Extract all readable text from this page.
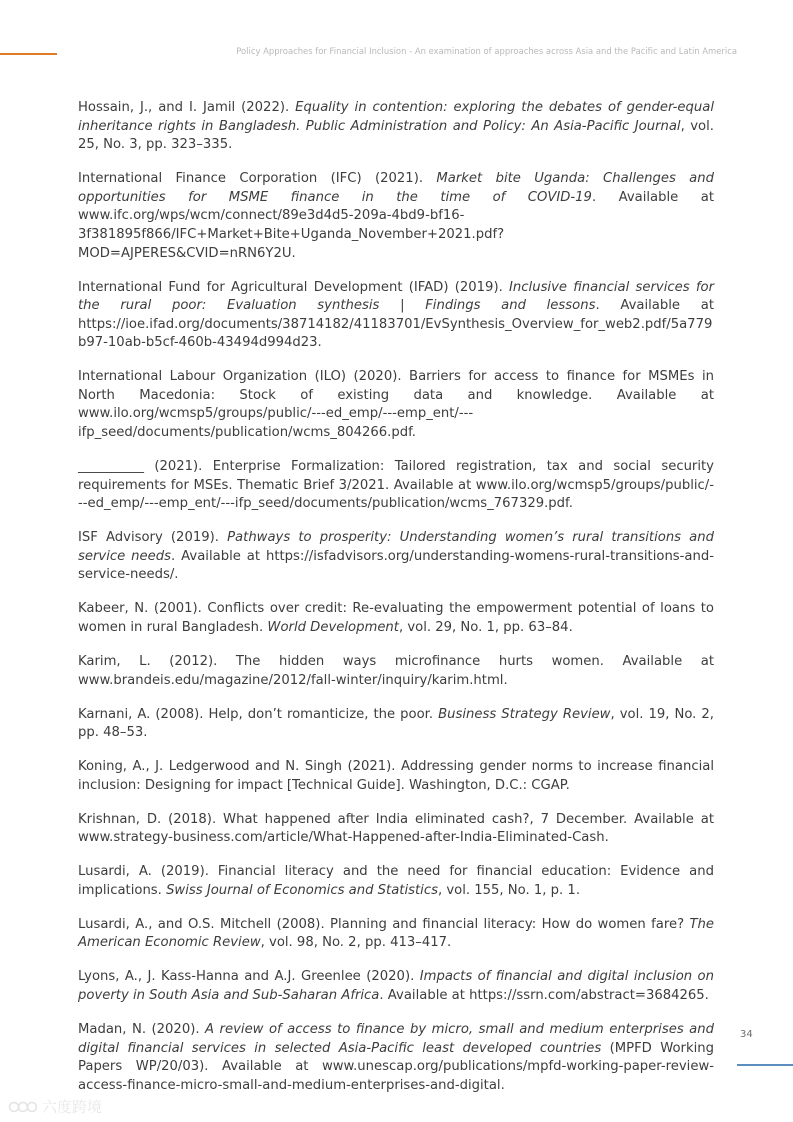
Policy Approaches for Financial Inclusion - An examination of approaches across Asia and the Pacific and Latin America
Hossain, J., and I. Jamil (2022). Equality in contention: exploring the debates of gender-equal inheritance rights in Bangladesh. Public Administration and Policy: An Asia-Pacific Journal, vol. 25, No. 3, pp. 323–335.
International Finance Corporation (IFC) (2021). Market bite Uganda: Challenges and opportunities for MSME finance in the time of COVID-19. Available at www.ifc.org/wps/wcm/connect/89e3d4d5-209a-4bd9-bf16-3f381895f866/IFC+Market+Bite+Uganda_November+2021.pdf?MOD=AJPERES&CVID=nRN6Y2U.
International Fund for Agricultural Development (IFAD) (2019). Inclusive financial services for the rural poor: Evaluation synthesis | Findings and lessons. Available at https://ioe.ifad.org/documents/38714182/41183701/EvSynthesis_Overview_for_web2.pdf/5a779b97-10ab-b5cf-460b-43494d994d23.
International Labour Organization (ILO) (2020). Barriers for access to finance for MSMEs in North Macedonia: Stock of existing data and knowledge. Available at www.ilo.org/wcmsp5/groups/public/---ed_emp/---emp_ent/---ifp_seed/documents/publication/wcms_804266.pdf.
__________ (2021). Enterprise Formalization: Tailored registration, tax and social security requirements for MSEs. Thematic Brief 3/2021. Available at www.ilo.org/wcmsp5/groups/public/---ed_emp/---emp_ent/---ifp_seed/documents/publication/wcms_767329.pdf.
ISF Advisory (2019). Pathways to prosperity: Understanding women’s rural transitions and service needs. Available at https://isfadvisors.org/understanding-womens-rural-transitions-and-service-needs/.
Kabeer, N. (2001). Conflicts over credit: Re-evaluating the empowerment potential of loans to women in rural Bangladesh. World Development, vol. 29, No. 1, pp. 63–84.
Karim, L. (2012). The hidden ways microfinance hurts women. Available at www.brandeis.edu/magazine/2012/fall-winter/inquiry/karim.html.
Karnani, A. (2008). Help, don’t romanticize, the poor. Business Strategy Review, vol. 19, No. 2, pp. 48–53.
Koning, A., J. Ledgerwood and N. Singh (2021). Addressing gender norms to increase financial inclusion: Designing for impact [Technical Guide]. Washington, D.C.: CGAP.
Krishnan, D. (2018). What happened after India eliminated cash?, 7 December. Available at www.strategy-business.com/article/What-Happened-after-India-Eliminated-Cash.
Lusardi, A. (2019). Financial literacy and the need for financial education: Evidence and implications. Swiss Journal of Economics and Statistics, vol. 155, No. 1, p. 1.
Lusardi, A., and O.S. Mitchell (2008). Planning and financial literacy: How do women fare? The American Economic Review, vol. 98, No. 2, pp. 413–417.
Lyons, A., J. Kass-Hanna and A.J. Greenlee (2020). Impacts of financial and digital inclusion on poverty in South Asia and Sub-Saharan Africa. Available at https://ssrn.com/abstract=3684265.
Madan, N. (2020). A review of access to finance by micro, small and medium enterprises and digital financial services in selected Asia-Pacific least developed countries (MPFD Working Papers WP/20/03). Available at www.unescap.org/publications/mpfd-working-paper-review-access-finance-micro-small-and-medium-enterprises-and-digital.
34
六度跨境
